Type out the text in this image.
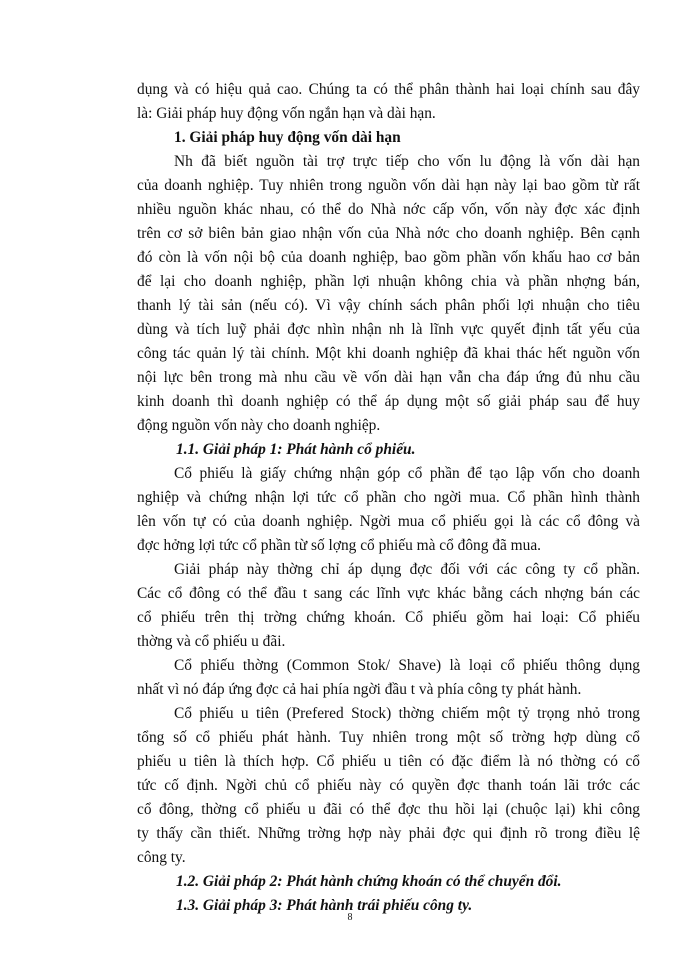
dụng và có hiệu quả cao. Chúng ta có thể phân thành hai loại chính sau đây
là: Giải pháp huy động vốn ngắn hạn và dài hạn.
1. Giải pháp huy động vốn dài hạn
Nh đã biết nguồn tài trợ trực tiếp cho vốn lu động là vốn dài hạn
của doanh nghiệp. Tuy nhiên trong nguồn vốn dài hạn này lại bao gồm từ rất
nhiều nguồn khác nhau, có thể do Nhà nớc cấp vốn, vốn này đợc xác định
trên cơ sở biên bản giao nhận vốn của Nhà nớc cho doanh nghiệp. Bên cạnh
đó còn là vốn nội bộ của doanh nghiệp, bao gồm phần vốn khấu hao cơ bản
để lại cho doanh nghiệp, phần lợi nhuận không chia và phần nhợng bán,
thanh lý tài sản (nếu có). Vì vậy chính sách phân phối lợi nhuận cho tiêu
dùng và tích luỹ phải đợc nhìn nhận nh là lĩnh vực quyết định tất yếu của
công tác quản lý tài chính. Một khi doanh nghiệp đã khai thác hết nguồn vốn
nội lực bên trong mà nhu cầu về vốn dài hạn vẫn cha đáp ứng đủ nhu cầu
kinh doanh thì doanh nghiệp có thể áp dụng một số giải pháp sau để huy
động nguồn vốn này cho doanh nghiệp.
1.1. Giải pháp 1: Phát hành cổ phiếu.
Cổ phiếu là giấy chứng nhận góp cổ phần để tạo lập vốn cho doanh
nghiệp và chứng nhận lợi tức cổ phần cho ngời mua. Cổ phần hình thành
lên vốn tự có của doanh nghiệp. Ngời mua cổ phiếu gọi là các cổ đông và
đợc hởng lợi tức cổ phần từ số lợng cổ phiếu mà cổ đông đã mua.
Giải pháp này thờng chỉ áp dụng đợc đối với các công ty cổ phần.
Các cổ đông có thể đầu t sang các lĩnh vực khác bằng cách nhợng bán các
cổ phiếu trên thị trờng chứng khoán. Cổ phiếu gồm hai loại: Cổ phiếu
thờng và cổ phiếu u đãi.
Cổ phiếu thờng (Common Stok/ Shave) là loại cổ phiếu thông dụng
nhất vì nó đáp ứng đợc cả hai phía ngời đầu t và phía công ty phát hành.
Cổ phiếu u tiên (Prefered Stock) thờng chiếm một tỷ trọng nhỏ trong
tổng số cổ phiếu phát hành. Tuy nhiên trong một số trờng hợp dùng cổ
phiếu u tiên là thích hợp. Cổ phiếu u tiên có đặc điểm là nó thờng có cổ
tức cố định. Ngời chủ cổ phiếu này có quyền đợc thanh toán lãi trớc các
cổ đông, thờng cổ phiếu u đãi có thể đợc thu hồi lại (chuộc lại) khi công
ty thấy cần thiết. Những trờng hợp này phải đợc qui định rõ trong điều lệ
công ty.
1.2. Giải pháp 2: Phát hành chứng khoán có thể chuyển đổi.
1.3. Giải pháp 3: Phát hành trái phiếu công ty.
8
